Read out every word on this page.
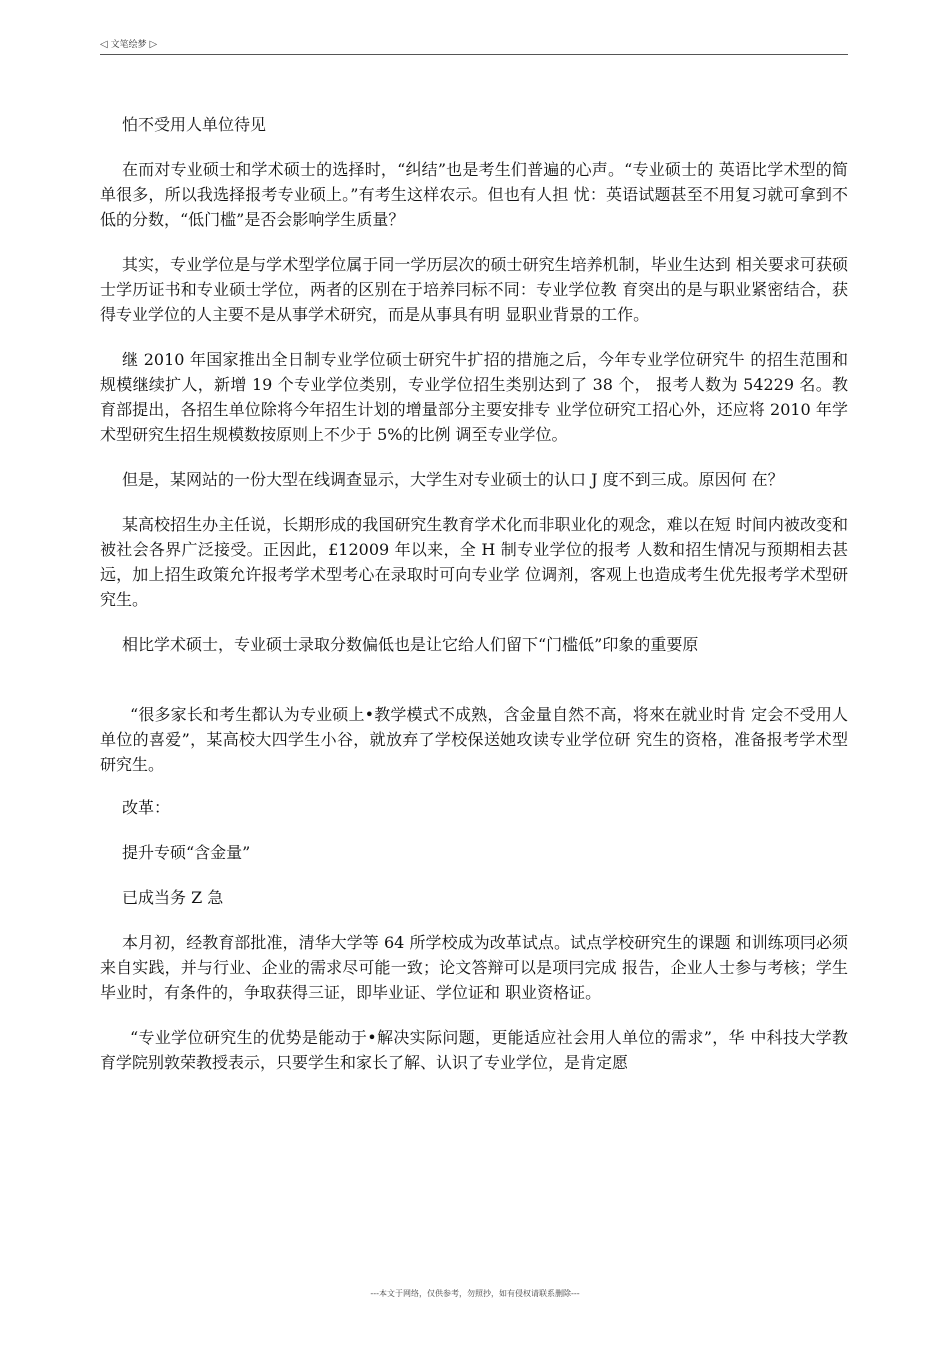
◁ 文笔绘梦 ▷

怕不受用人单位待见

在而对专业硕士和学术硕士的选择时，“纠结”也是考生们普遍的心声。“专业硕士的 英语比学术型的简单很多，所以我选择报考专业硕上。”有考生这样农示。但也有人担 忧：英语试题甚至不用复习就可拿到不低的分数，“低门槛”是否会影响学生质量？

其实，专业学位是与学术型学位属于同一学历层次的硕士研究生培养机制，毕业生达到 相关要求可获硕士学历证书和专业硕士学位，两者的区别在于培养冃标不同：专业学位教 育突出的是与职业紧密结合，获得专业学位的人主要不是从事学术研究，而是从事具有明 显职业背景的工作。

继 2010 年国家推出全日制专业学位硕士研究牛扩招的措施之后，今年专业学位研究牛 的招生范围和规模继续扩人，新增 19 个专业学位类别，专业学位招生类别达到了 38 个， 报考人数为 54229 名。教育部提出，各招生单位除将今年招生计划的增量部分主要安排专 业学位研究工招心外，还应将 2010 年学术型研究生招生规模数按原则上不少于 5%的比例 调至专业学位。

但是，某网站的一份大型在线调查显示，大学生对专业硕士的认口 J 度不到三成。原因何 在？

某高校招生办主任说，长期形成的我国研究生教育学术化而非职业化的观念，难以在短 时间内被改变和被社会各界广泛接受。正因此，£12009 年以来，全 H 制专业学位的报考 人数和招生情况与预期相去甚远，加上招生政策允许报考学术型考心在录取时可向专业学 位调剂，客观上也造成考生优先报考学术型研究生。

相比学术硕士，专业硕士录取分数偏低也是让它给人们留下“门槛低”印象的重要原

“很多家长和考生都认为专业硕上•教学模式不成熟，含金量自然不高，将來在就业时肯 定会不受用人单位的喜爱”，某高校大四学生小谷，就放弃了学校保送她攻读专业学位研 究生的资格，准备报考学术型研究生。

改革：

提升专硕“含金量”

已成当务 Z 急

本月初，经教育部批准，清华大学等 64 所学校成为改革试点。试点学校研究生的课题 和训练项冃必须来自实践，并与行业、企业的需求尽可能一致；论文答辩可以是项冃完成 报告，企业人士参与考核；学生毕业时，有条件的，争取获得三证，即毕业证、学位证和 职业资格证。

“专业学位研究生的优势是能动于•解决实际问题，更能适应社会用人单位的需求”，华 中科技大学教育学院别敦荣教授表示，只要学生和家长了解、认识了专业学位，是肯定愿

---本文于网络，仅供参考，勿照抄，如有侵权请联系删除---
